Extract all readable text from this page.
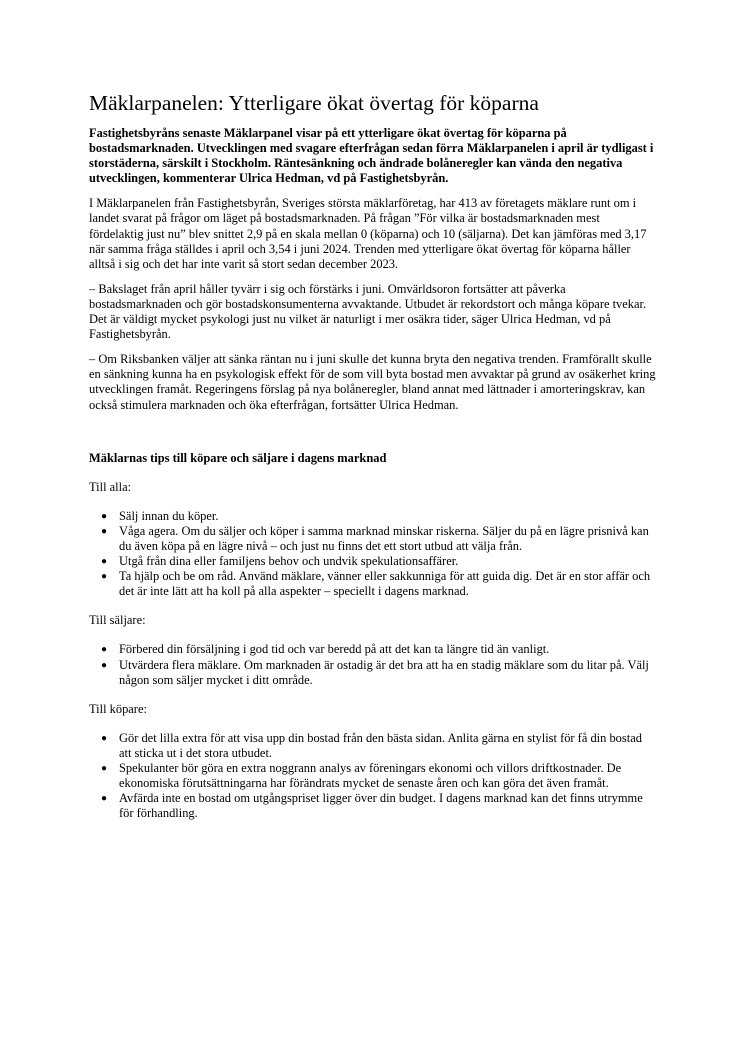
Mäklarpanelen: Ytterligare ökat övertag för köparna

Fastighetsbyråns senaste Mäklarpanel visar på ett ytterligare ökat övertag för köparna på bostadsmarknaden. Utvecklingen med svagare efterfrågan sedan förra Mäklarpanelen i april är tydligast i storstäderna, särskilt i Stockholm. Räntesänkning och ändrade bolåneregler kan vända den negativa utvecklingen, kommenterar Ulrica Hedman, vd på Fastighetsbyrån.

I Mäklarpanelen från Fastighetsbyrån, Sveriges största mäklarföretag, har 413 av företagets mäklare runt om i landet svarat på frågor om läget på bostadsmarknaden. På frågan ”För vilka är bostadsmarknaden mest fördelaktig just nu” blev snittet 2,9 på en skala mellan 0 (köparna) och 10 (säljarna). Det kan jämföras med 3,17 när samma fråga ställdes i april och 3,54 i juni 2024. Trenden med ytterligare ökat övertag för köparna håller alltså i sig och det har inte varit så stort sedan december 2023.

– Bakslaget från april håller tyvärr i sig och förstärks i juni. Omvärldsoron fortsätter att påverka bostadsmarknaden och gör bostadskonsumenterna avvaktande. Utbudet är rekordstort och många köpare tvekar. Det är väldigt mycket psykologi just nu vilket är naturligt i mer osäkra tider, säger Ulrica Hedman, vd på Fastighetsbyrån.

– Om Riksbanken väljer att sänka räntan nu i juni skulle det kunna bryta den negativa trenden. Framförallt skulle en sänkning kunna ha en psykologisk effekt för de som vill byta bostad men avvaktar på grund av osäkerhet kring utvecklingen framåt. Regeringens förslag på nya bolåneregler, bland annat med lättnader i amorteringskrav, kan också stimulera marknaden och öka efterfrågan, fortsätter Ulrica Hedman.

Mäklarnas tips till köpare och säljare i dagens marknad

Till alla:

● Sälj innan du köper.
● Våga agera. Om du säljer och köper i samma marknad minskar riskerna. Säljer du på en lägre prisnivå kan du även köpa på en lägre nivå – och just nu finns det ett stort utbud att välja från.
● Utgå från dina eller familjens behov och undvik spekulationsaffärer.
● Ta hjälp och be om råd. Använd mäklare, vänner eller sakkunniga för att guida dig. Det är en stor affär och det är inte lätt att ha koll på alla aspekter – speciellt i dagens marknad.

Till säljare:

● Förbered din försäljning i god tid och var beredd på att det kan ta längre tid än vanligt.
● Utvärdera flera mäklare. Om marknaden är ostadig är det bra att ha en stadig mäklare som du litar på. Välj någon som säljer mycket i ditt område.

Till köpare:

● Gör det lilla extra för att visa upp din bostad från den bästa sidan. Anlita gärna en stylist för få din bostad att sticka ut i det stora utbudet.
● Spekulanter bör göra en extra noggrann analys av föreningars ekonomi och villors driftkostnader. De ekonomiska förutsättningarna har förändrats mycket de senaste åren och kan göra det även framåt.
● Avfärda inte en bostad om utgångspriset ligger över din budget. I dagens marknad kan det finns utrymme för förhandling.
